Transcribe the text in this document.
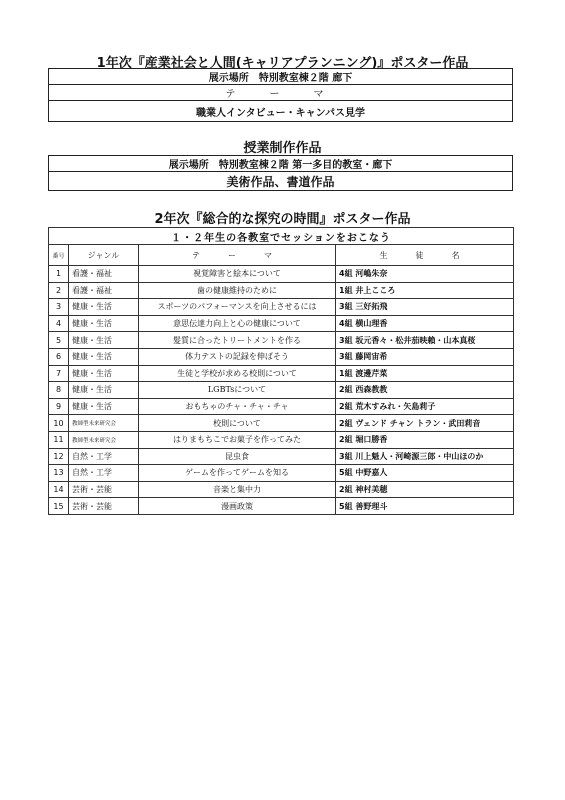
1年次『産業社会と人間(キャリアプランニング)』ポスター作品
展示場所　特別教室棟２階 廊下
テ　ー　マ
職業人インタビュー・キャンパス見学
授業制作作品
展示場所　特別教室棟２階 第一多目的教室・廊下
美術作品、書道作品
2年次『総合的な探究の時間』ポスター作品
１・２年生の各教室でセッションをおこなう			
番号	ジャンル	テ　ー　マ	生　徒　名
1	看護・福祉	視覚障害と絵本について	4組 河嶋朱奈
2	看護・福祉	歯の健康維持のために	1組 井上こころ
3	健康・生活	スポーツのパフォーマンスを向上させるには	3組 三好拓飛
4	健康・生活	意思伝達力向上と心の健康について	4組 横山理香
5	健康・生活	髪質に合ったトリートメントを作る	3組 坂元香々・松井茄映賴・山本真桜
6	健康・生活	体力テストの記録を伸ばそう	3組 藤岡宙希
7	健康・生活	生徒と学校が求める校則について	1組 渡邊芹菜
8	健康・生活	LGBTsについて	2組 西森教教
9	健康・生活	おもちゃのチャ・チャ・チャ	2組 荒木すみれ・矢島莉子
10	教師型未来研究会	校則について	2組 ヴェンド チャン トラン・武田莉音
11	教師型未来研究会	はりまもちこでお菓子を作ってみた	2組 堀口勝香
12	自然・工学	昆虫食	3組 川上魁人・河崎源三郎・中山ほのか
13	自然・工学	ゲームを作ってゲームを知る	5組 中野嘉人
14	芸術・芸能	音楽と集中力	2組 神村美穂
15	芸術・芸能	漫画政策	5組 善野理斗
